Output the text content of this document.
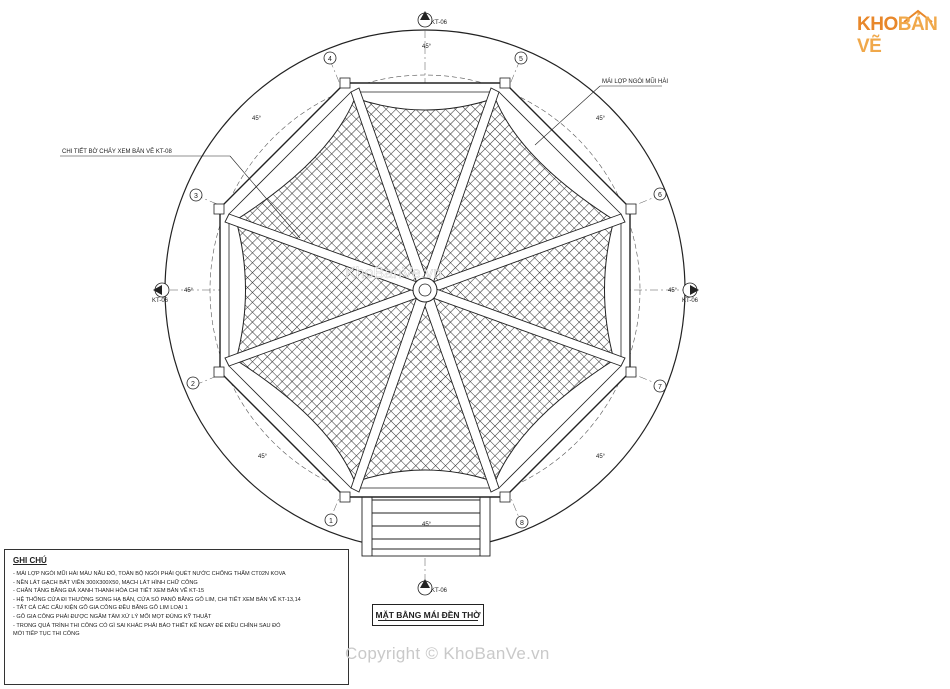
1
2
3
4	5
6
7
8
KT-06
KT-06
KT-06	KT-06
45°
45°
45°
45°
45°
45°
45°	45°
MÁI LỢP NGÓI MŨI HÀI
CHI TIẾT BỜ CHẢY XEM BẢN VẼ KT-08
KhoBanVe.vn
KHOBẢN VẼ
GHI CHÚ
- MÁI LỢP NGÓI MŨI HÀI MÀU NÂU ĐỎ, TOÀN BỘ NGÓI PHẢI QUÉT NƯỚC CHỐNG THẤM CT02N KOVA
- NỀN LÁT GẠCH BÁT VIỀN 300X300X50, MẠCH LÁT HÌNH CHỮ CÔNG
- CHÂN TẢNG BẰNG ĐÁ XANH THANH HÓA CHI TIẾT XEM BẢN VẼ KT-15
- HỆ THỐNG CỬA ĐI THƯỜNG SONG HẠ BẢN, CỬA SỔ PANÔ BẰNG GỖ LIM, CHI TIẾT XEM BẢN VẼ KT-13,14
- TẤT CẢ CÁC CẤU KIỆN GỖ GIA CÔNG ĐỀU BẰNG GỖ LIM LOẠI 1
- GỖ GIA CÔNG PHẢI ĐƯỢC NGÂM TẨM XỬ LÝ MỐI MỌT ĐÚNG KỸ THUẬT
- TRONG QUÁ TRÌNH THI CÔNG CÓ GÌ SAI KHÁC PHẢI BÁO THIẾT KẾ NGAY ĐỂ ĐIỀU CHỈNH SAU ĐÓ
MỚI TIẾP TỤC THI CÔNG
MẶT BẰNG MÁI ĐỀN THỜ
Copyright © KhoBanVe.vn
